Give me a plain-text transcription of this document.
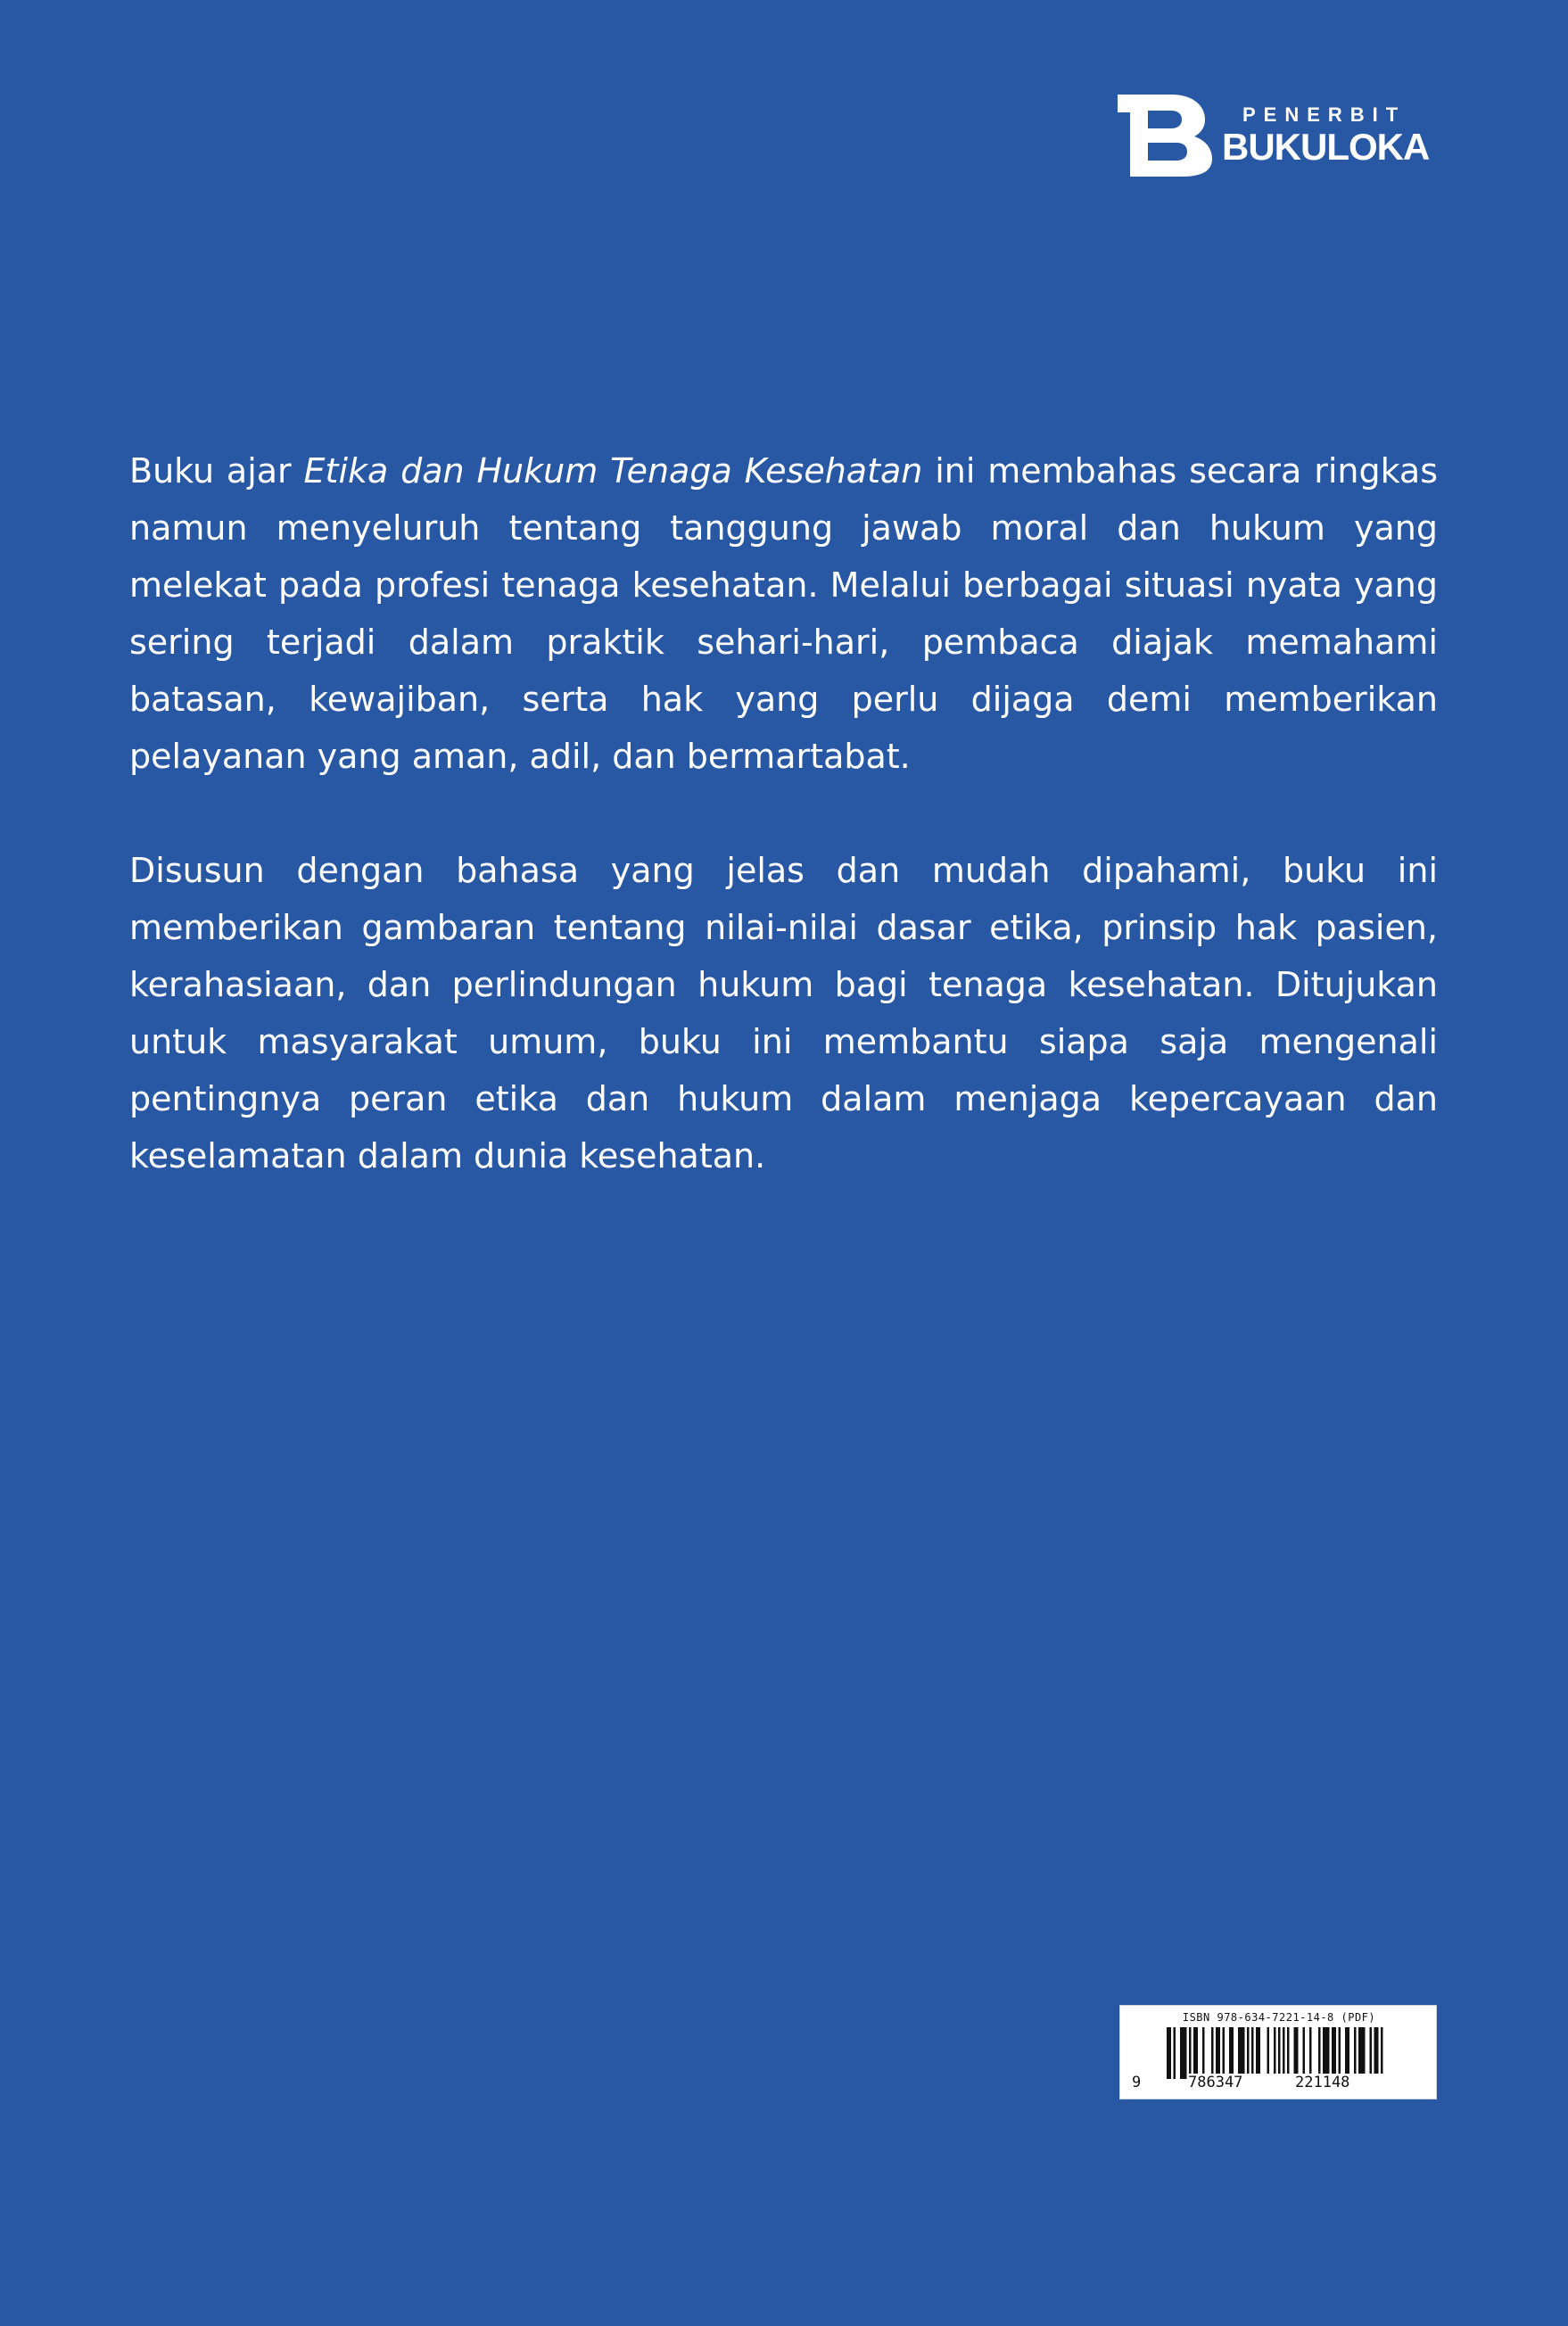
PENERBIT
BUKULOKA

Buku ajar Etika dan Hukum Tenaga Kesehatan ini membahas secara ringkas namun menyeluruh tentang tanggung jawab moral dan hukum yang melekat pada profesi tenaga kesehatan. Melalui berbagai situasi nyata yang sering terjadi dalam praktik sehari-hari, pembaca diajak memahami batasan, kewajiban, serta hak yang perlu dijaga demi memberikan pelayanan yang aman, adil, dan bermartabat.

Disusun dengan bahasa yang jelas dan mudah dipahami, buku ini memberikan gambaran tentang nilai-nilai dasar etika, prinsip hak pasien, kerahasiaan, dan perlindungan hukum bagi tenaga kesehatan. Ditujukan untuk masyarakat umum, buku ini membantu siapa saja mengenali pentingnya peran etika dan hukum dalam menjaga kepercayaan dan keselamatan dalam dunia kesehatan.

ISBN 978-634-7221-14-8 (PDF)
9	786347	221148
